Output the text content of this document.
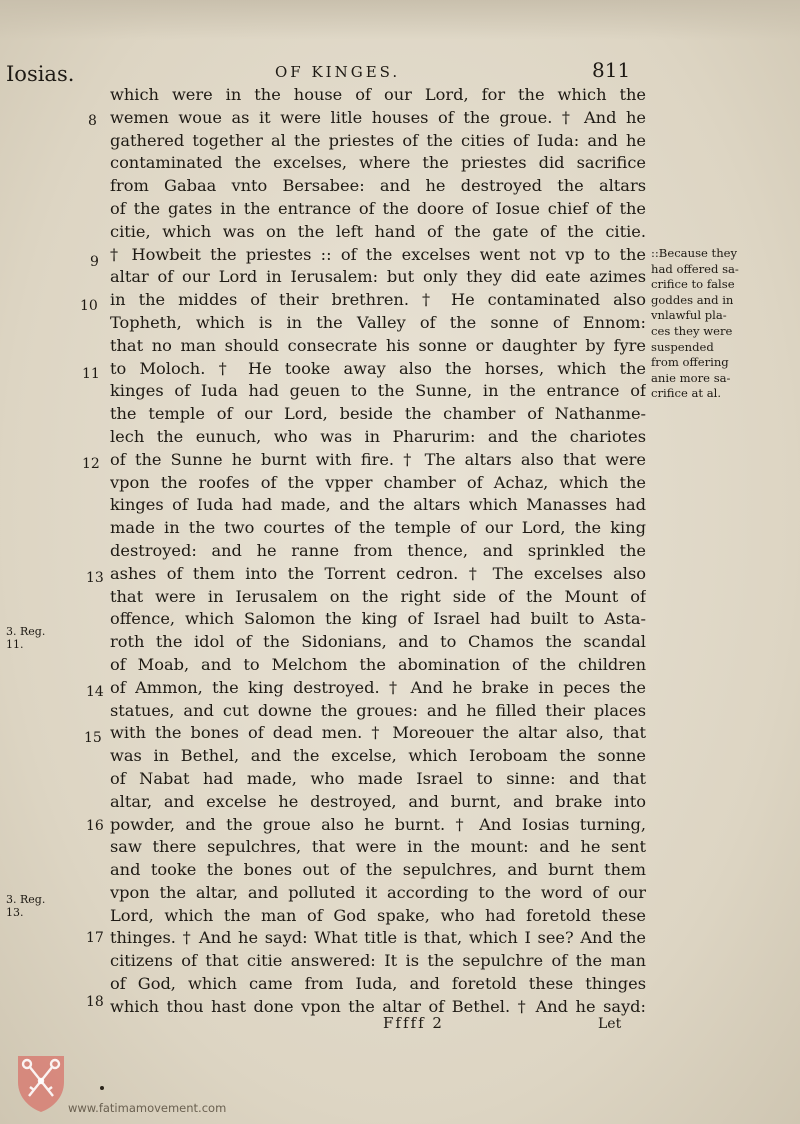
Iosias.	OF KINGES.	811
8
9
10
11
12
13
14
15
16
17
18
3. Reg.
11.
3. Reg.
13.
which were in the house of our Lord, for the which the
wemen woue as it were litle houses of the groue. † And he
gathered together al the priestes of the cities of Iuda: and he
contaminated the excelses, where the priestes did sacrifice
from Gabaa vnto Bersabee: and he destroyed the altars
of the gates in the entrance of the doore of Iosue chief of the
citie, which was on the left hand of the gate of the citie.
† Howbeit the priestes :: of the excelses went not vp to the
altar of our Lord in Ierusalem: but only they did eate azimes
in the middes of their brethren. † He contaminated also
Topheth, which is in the Valley of the sonne of Ennom:
that no man should consecrate his sonne or daughter by fyre
to Moloch. † He tooke away also the horses, which the
kinges of Iuda had geuen to the Sunne, in the entrance of
the temple of our Lord, beside the chamber of Nathanme-
lech the eunuch, who was in Pharurim: and the chariotes
of the Sunne he burnt with fire. † The altars also that were
vpon the roofes of the vpper chamber of Achaz, which the
kinges of Iuda had made, and the altars which Manasses had
made in the two courtes of the temple of our Lord, the king
destroyed: and he ranne from thence, and sprinkled the
ashes of them into the Torrent cedron. † The excelses also
that were in Ierusalem on the right side of the Mount of
offence, which Salomon the king of Israel had built to Asta-
roth the idol of the Sidonians, and to Chamos the scandal
of Moab, and to Melchom the abomination of the children
of Ammon, the king destroyed. † And he brake in peces the
statues, and cut downe the groues: and he filled their places
with the bones of dead men. † Moreouer the altar also, that
was in Bethel, and the excelse, which Ieroboam the sonne
of Nabat had made, who made Israel to sinne: and that
altar, and excelse he destroyed, and burnt, and brake into
powder, and the groue also he burnt. † And Iosias turning,
saw there sepulchres, that were in the mount: and he sent
and tooke the bones out of the sepulchres, and burnt them
vpon the altar, and polluted it according to the word of our
Lord, which the man of God spake, who had foretold these
thinges. † And he sayd: What title is that, which I see? And the
citizens of that citie answered: It is the sepulchre of the man
of God, which came from Iuda, and foretold these thinges
which thou hast done vpon the altar of Bethel. † And he sayd:
::Because they
had offered sa-
crifice to false
goddes and in
vnlawful pla-
ces they were
suspended
from offering
anie more sa-
crifice at al.
Fffff 2	Let
www.fatimamovement.com
